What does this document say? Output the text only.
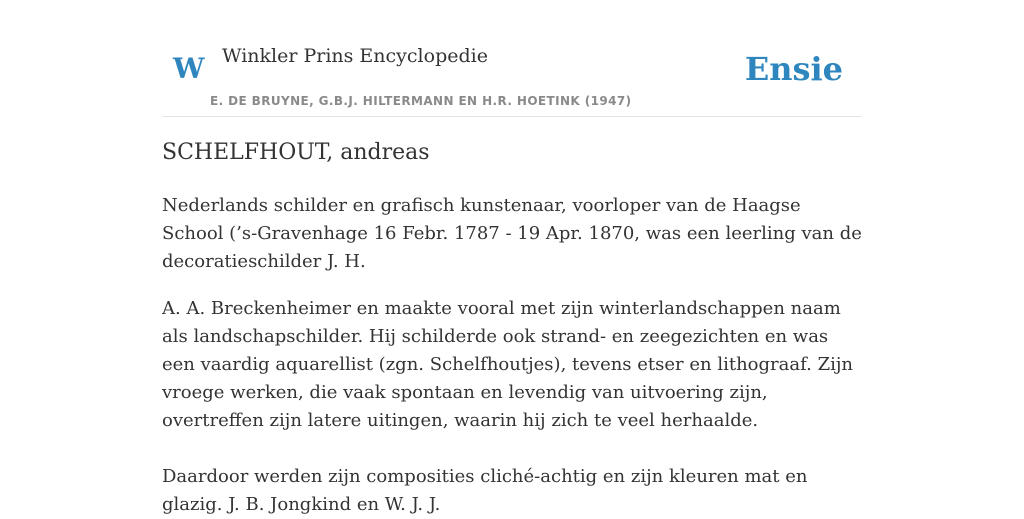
W Winkler Prins Encyclopedie
E. DE BRUYNE, G.B.J. HILTERMANN EN H.R. HOETINK (1947)
Ensie
SCHELFHOUT, andreas

Nederlands schilder en grafisch kunstenaar, voorloper van de Haagse School (’s-Gravenhage 16 Febr. 1787 - 19 Apr. 1870, was een leerling van de decoratieschilder J. H.

A. A. Breckenheimer en maakte vooral met zijn winterlandschappen naam als landschapschilder. Hij schilderde ook strand- en zeegezichten en was een vaardig aquarellist (zgn. Schelfhoutjes), tevens etser en lithograaf. Zijn vroege werken, die vaak spontaan en levendig van uitvoering zijn, overtreffen zijn latere uitingen, waarin hij zich te veel herhaalde.

Daardoor werden zijn composities cliché-achtig en zijn kleuren mat en glazig. J. B. Jongkind en W. J. J.
